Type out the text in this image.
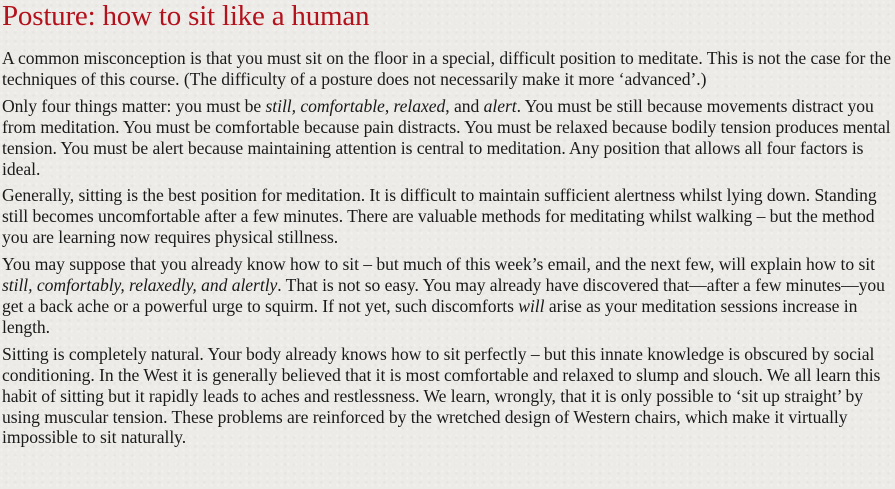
Posture: how to sit like a human

A common misconception is that you must sit on the floor in a special, difficult position to meditate. This is not the case for the techniques of this course. (The difficulty of a posture does not necessarily make it more ‘advanced’.)

Only four things matter: you must be still, comfortable, relaxed, and alert. You must be still because movements distract you from meditation. You must be comfortable because pain distracts. You must be relaxed because bodily tension produces mental tension. You must be alert because maintaining attention is central to meditation. Any position that allows all four factors is ideal.

Generally, sitting is the best position for meditation. It is difficult to maintain sufficient alertness whilst lying down. Standing still becomes uncomfortable after a few minutes. There are valuable methods for meditating whilst walking – but the method you are learning now requires physical stillness.

You may suppose that you already know how to sit – but much of this week’s email, and the next few, will explain how to sit still, comfortably, relaxedly, and alertly. That is not so easy. You may already have discovered that—after a few minutes—you get a back ache or a powerful urge to squirm. If not yet, such discomforts will arise as your meditation sessions increase in length.

Sitting is completely natural. Your body already knows how to sit perfectly – but this innate knowledge is obscured by social conditioning. In the West it is generally believed that it is most comfortable and relaxed to slump and slouch. We all learn this habit of sitting but it rapidly leads to aches and restlessness. We learn, wrongly, that it is only possible to ‘sit up straight’ by using muscular tension. These problems are reinforced by the wretched design of Western chairs, which make it virtually impossible to sit naturally.
